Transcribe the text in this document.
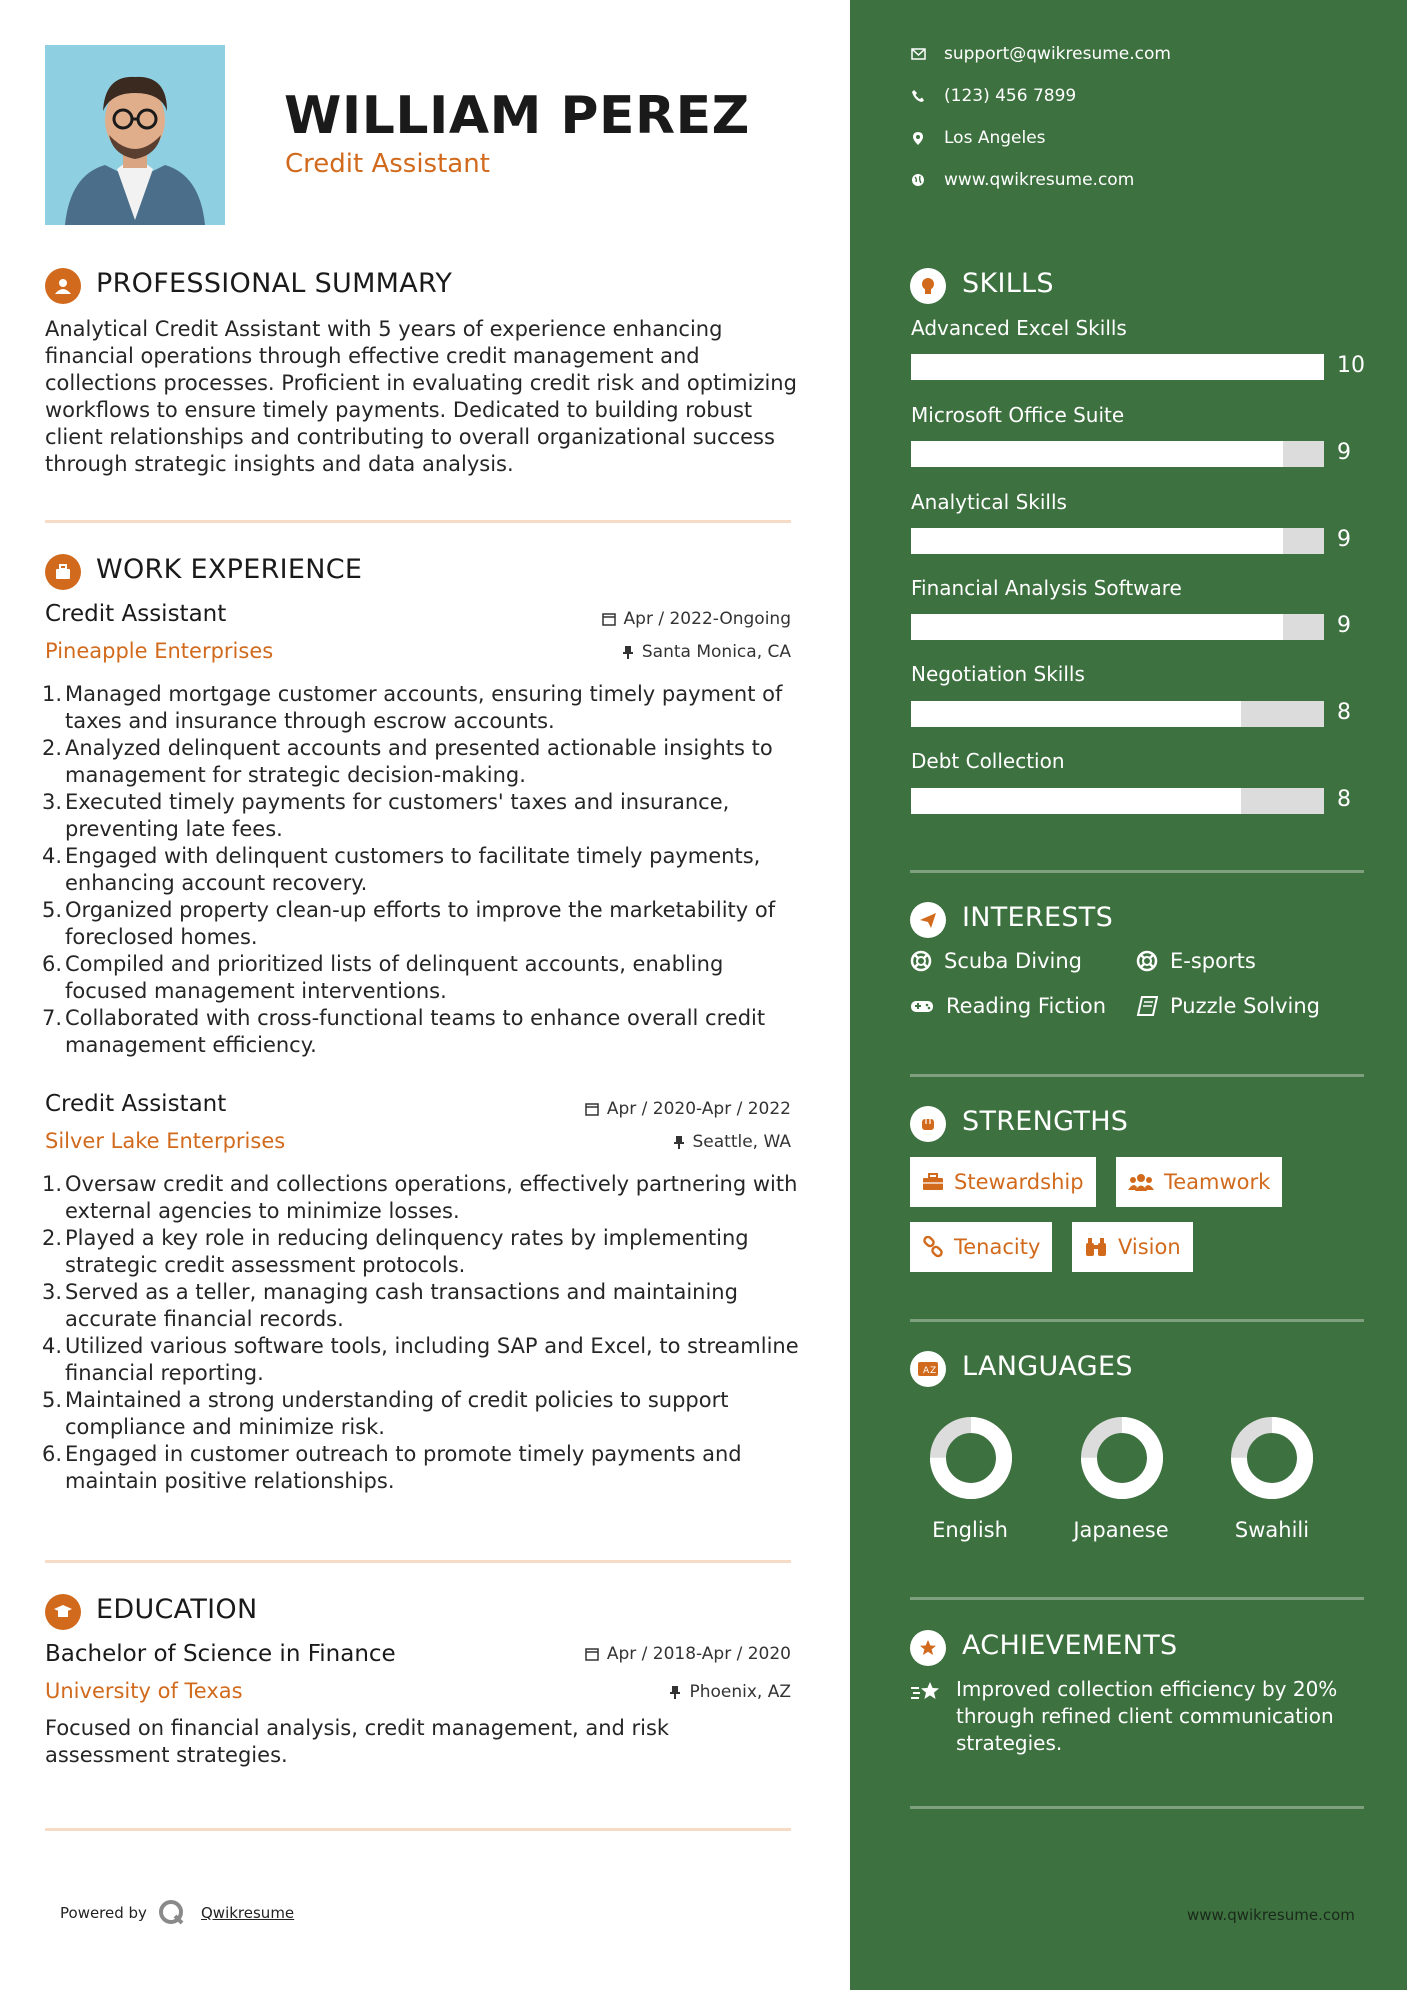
WILLIAM PEREZ
Credit Assistant
PROFESSIONAL SUMMARY
Analytical Credit Assistant with 5 years of experience enhancing financial operations through effective credit management and collections processes. Proficient in evaluating credit risk and optimizing workflows to ensure timely payments. Dedicated to building robust client relationships and contributing to overall organizational success through strategic insights and data analysis.
WORK EXPERIENCE
Credit Assistant	Apr / 2022-Ongoing
Pineapple Enterprises	Santa Monica, CA
1. Managed mortgage customer accounts, ensuring timely payment of taxes and insurance through escrow accounts.
2. Analyzed delinquent accounts and presented actionable insights to management for strategic decision-making.
3. Executed timely payments for customers' taxes and insurance, preventing late fees.
4. Engaged with delinquent customers to facilitate timely payments, enhancing account recovery.
5. Organized property clean-up efforts to improve the marketability of foreclosed homes.
6. Compiled and prioritized lists of delinquent accounts, enabling focused management interventions.
7. Collaborated with cross-functional teams to enhance overall credit management efficiency.
Credit Assistant	Apr / 2020-Apr / 2022
Silver Lake Enterprises	Seattle, WA
1. Oversaw credit and collections operations, effectively partnering with external agencies to minimize losses.
2. Played a key role in reducing delinquency rates by implementing strategic credit assessment protocols.
3. Served as a teller, managing cash transactions and maintaining accurate financial records.
4. Utilized various software tools, including SAP and Excel, to streamline financial reporting.
5. Maintained a strong understanding of credit policies to support compliance and minimize risk.
6. Engaged in customer outreach to promote timely payments and maintain positive relationships.
EDUCATION
Bachelor of Science in Finance	Apr / 2018-Apr / 2020
University of Texas	Phoenix, AZ
Focused on financial analysis, credit management, and risk assessment strategies.
Powered by	Qwikresume
support@qwikresume.com
(123) 456 7899
Los Angeles
www.qwikresume.com
SKILLS
Advanced Excel Skills
10
Microsoft Office Suite
9
Analytical Skills
9
Financial Analysis Software
9
Negotiation Skills
8
Debt Collection
8
INTERESTS
Scuba Diving	E-sports
Reading Fiction	Puzzle Solving
STRENGTHS
Stewardship	Teamwork
Tenacity	Vision
A Z LANGUAGES
English	Japanese	Swahili
ACHIEVEMENTS
Improved collection efficiency by 20% through refined client communication strategies.
www.qwikresume.com
